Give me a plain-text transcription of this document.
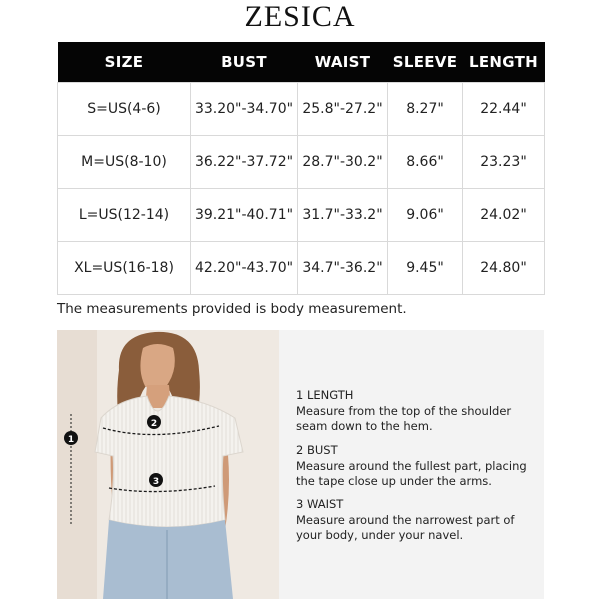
ZESICA
SIZE	BUST	WAIST	SLEEVE	LENGTH
S=US(4-6)	33.20"-34.70"	25.8"-27.2"	8.27"	22.44"
M=US(8-10)	36.22"-37.72"	28.7"-30.2"	8.66"	23.23"
L=US(12-14)	39.21"-40.71"	31.7"-33.2"	9.06"	24.02"
XL=US(16-18)	42.20"-43.70"	34.7"-36.2"	9.45"	24.80"
The measurements provided is body measurement.
1
2
3
1 LENGTH
Measure from the top of the shoulder seam down to the hem.
2 BUST
Measure around the fullest part, placing the tape close up under the arms.
3 WAIST
Measure around the narrowest part of your body, under your navel.
